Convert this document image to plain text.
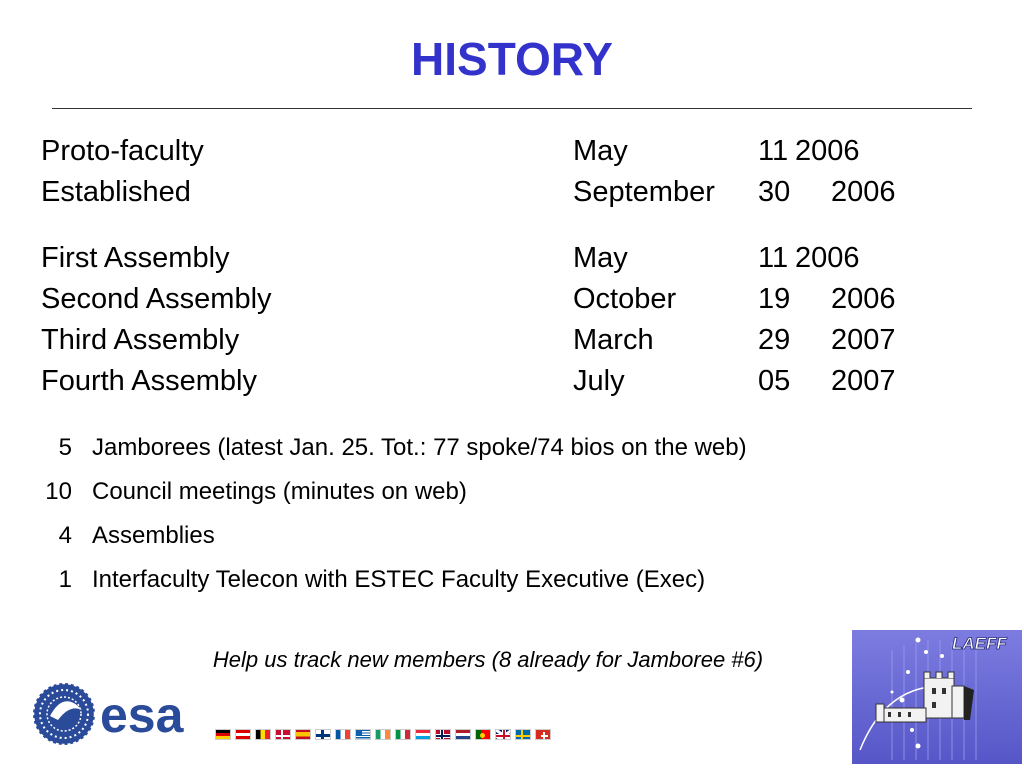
HISTORY
Proto-faculty	May	11 2006
Established	September 30 2006
First Assembly	May	11 2006
Second Assembly	October	19 2006
Third Assembly	March	29 2007
Fourth Assembly	July	05 2007
5 Jamborees (latest Jan. 25. Tot.: 77 spoke/74 bios on the web)
10 Council meetings (minutes on web)
4 Assemblies
1 Interfaculty Telecon with ESTEC Faculty Executive (Exec)
Help us track new members (8 already for Jamboree #6)
esa
LAEFF
